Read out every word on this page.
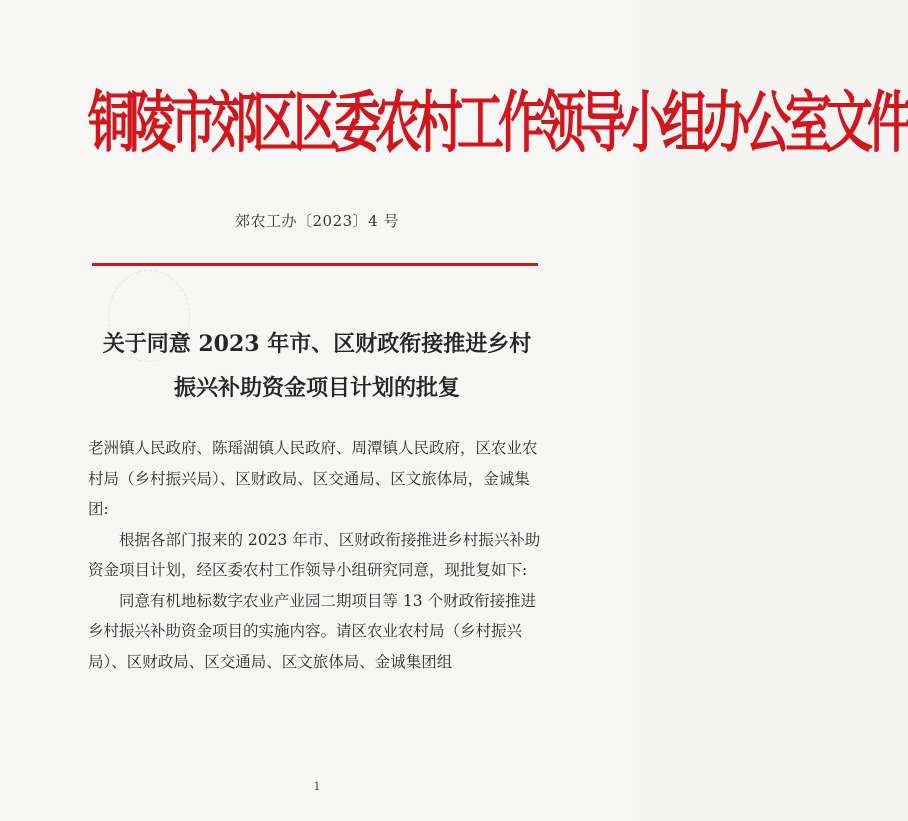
铜陵市郊区区委农村工作领导小组办公室文件
郊农工办〔2023〕4 号
关于同意 2023 年市、区财政衔接推进乡村
振兴补助资金项目计划的批复

老洲镇人民政府、陈瑶湖镇人民政府、周潭镇人民政府，区农业农村局（乡村振兴局）、区财政局、区交通局、区文旅体局，金诚集团:

根据各部门报来的 2023 年市、区财政衔接推进乡村振兴补助资金项目计划，经区委农村工作领导小组研究同意，现批复如下:

同意有机地标数字农业产业园二期项目等 13 个财政衔接推进乡村振兴补助资金项目的实施内容。请区农业农村局（乡村振兴局）、区财政局、区交通局、区文旅体局、金诚集团组

1
